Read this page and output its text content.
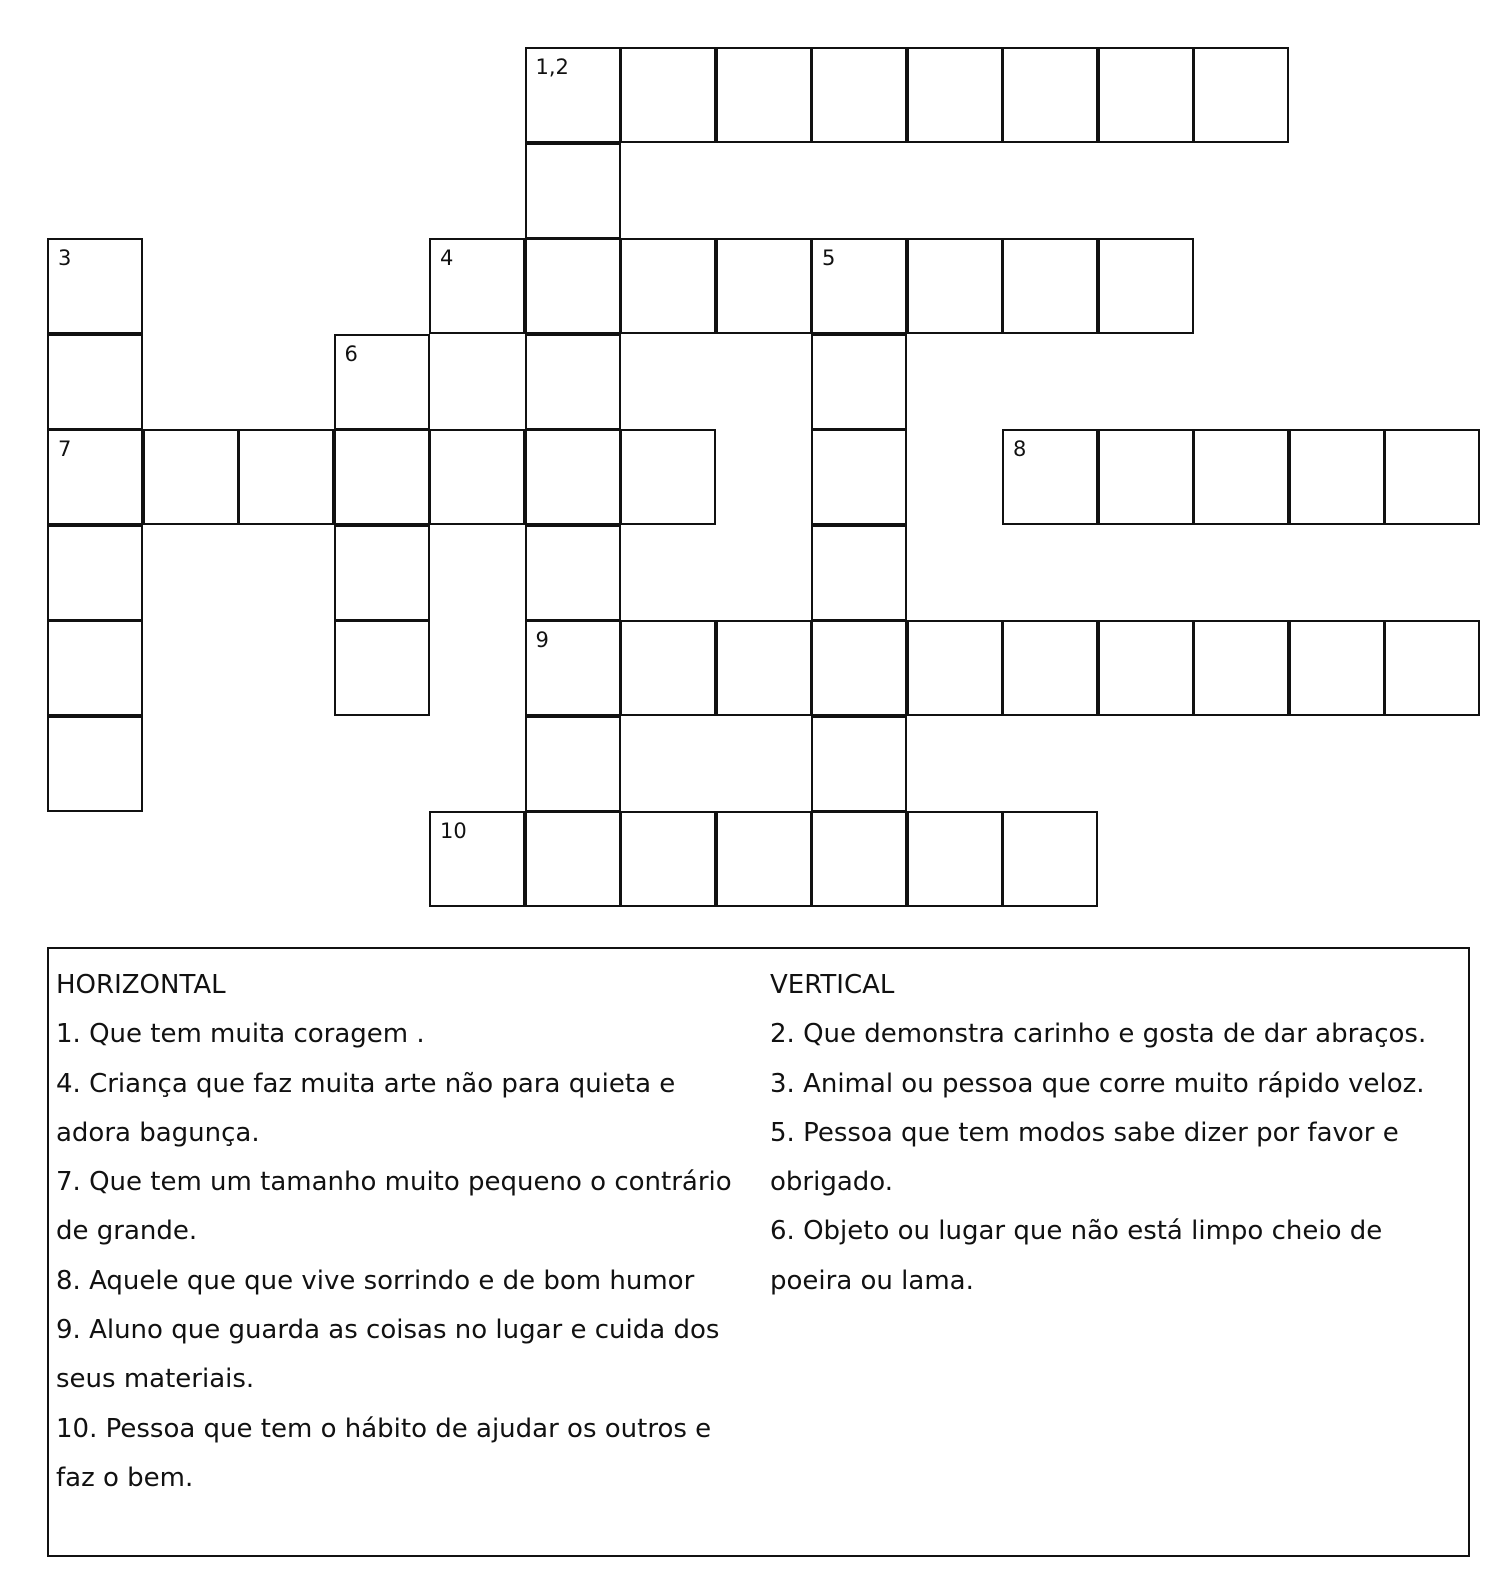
1,2
3	4	5
6
7	8
9
10

HORIZONTAL

1. Que tem muita coragem .

4. Criança que faz muita arte não para quieta e

adora bagunça.

7. Que tem um tamanho muito pequeno o contrário

de grande.

8. Aquele que que vive sorrindo e de bom humor

9. Aluno que guarda as coisas no lugar e cuida dos

seus materiais.

10. Pessoa que tem o hábito de ajudar os outros e

faz o bem.

VERTICAL

2. Que demonstra carinho e gosta de dar abraços.

3. Animal ou pessoa que corre muito rápido veloz.

5. Pessoa que tem modos sabe dizer por favor e

obrigado.

6. Objeto ou lugar que não está limpo cheio de

poeira ou lama.
